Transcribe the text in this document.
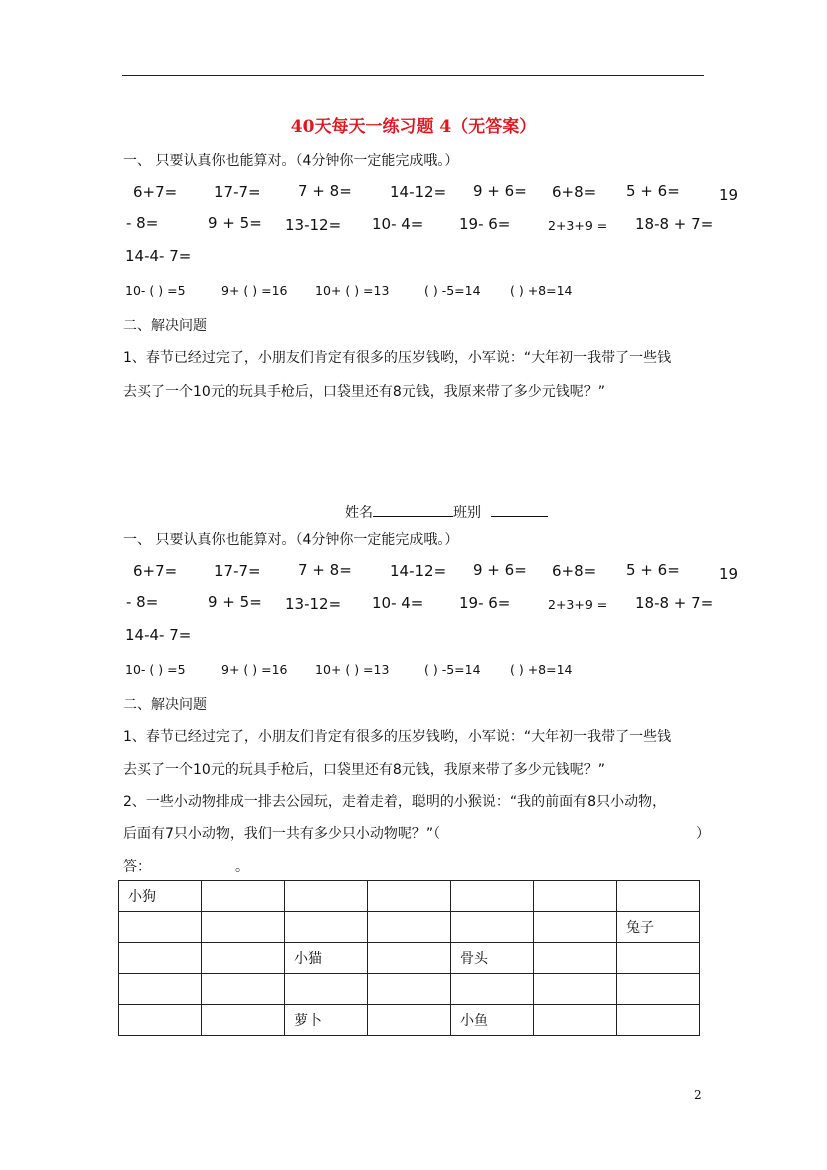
40天每天一练习题 4（无答案）
一、 只要认真你也能算对。（4分钟你一定能完成哦。）
6+7= 17-7= 7 + 8=	14-12= 9 + 6= 6+8= 5 + 6=	19
- 8=	9 + 5= 13-12= 10- 4= 19- 6=	2+3+9 = 18-8 + 7=
14-4- 7=
10- ( ) =5	9+ ( ) =16 10+ ( ) =13	( ) -5=14 ( ) +8=14
二、解决问题
1、春节已经过完了，小朋友们肯定有很多的压岁钱哟，小军说：“大年初一我带了一些钱
去买了一个10元的玩具手枪后，口袋里还有8元钱，我原来带了多少元钱呢？”
姓名	班别
一、 只要认真你也能算对。（4分钟你一定能完成哦。）
6+7= 17-7= 7 + 8=	14-12= 9 + 6= 6+8= 5 + 6=	19
- 8=	9 + 5= 13-12= 10- 4= 19- 6=	2+3+9 = 18-8 + 7=
14-4- 7=
10- ( ) =5	9+ ( ) =16 10+ ( ) =13	( ) -5=14 ( ) +8=14
二、解决问题
1、春节已经过完了，小朋友们肯定有很多的压岁钱哟，小军说：“大年初一我带了一些钱
去买了一个10元的玩具手枪后，口袋里还有8元钱，我原来带了多少元钱呢？”
2、一些小动物排成一排去公园玩，走着走着，聪明的小猴说：“我的前面有8只小动物，
后面有7只小动物，我们一共有多少只小动物呢？”（	）
答：	。
小狗						
						兔子
		小猫		骨头		

		萝卜		小鱼		
2
